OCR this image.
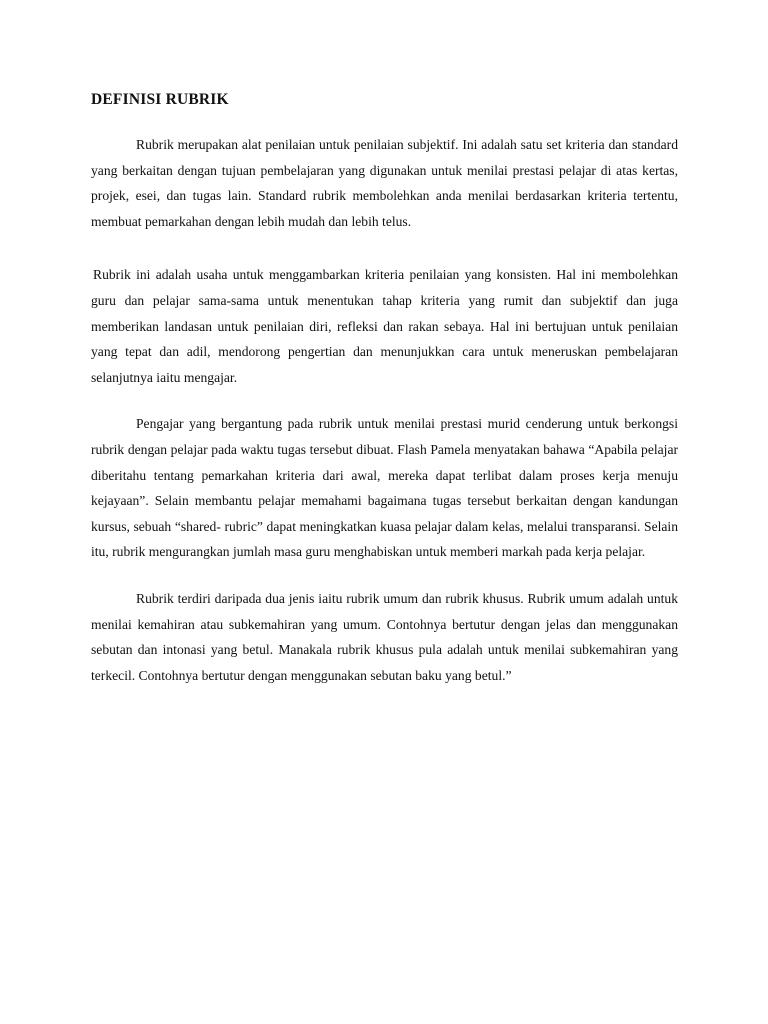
DEFINISI RUBRIK

Rubrik merupakan alat penilaian untuk penilaian subjektif. Ini adalah satu set kriteria dan standard yang berkaitan dengan tujuan pembelajaran yang digunakan untuk menilai prestasi pelajar di atas kertas, projek, esei, dan tugas lain. Standard rubrik membolehkan anda menilai berdasarkan kriteria tertentu, membuat pemarkahan dengan lebih mudah dan lebih telus.

Rubrik ini adalah usaha untuk menggambarkan kriteria penilaian yang konsisten. Hal ini membolehkan guru dan pelajar sama-sama untuk menentukan tahap kriteria yang rumit dan subjektif dan juga memberikan landasan untuk penilaian diri, refleksi dan rakan sebaya. Hal ini bertujuan untuk penilaian yang tepat dan adil, mendorong pengertian dan menunjukkan cara untuk meneruskan pembelajaran selanjutnya iaitu mengajar.

Pengajar yang bergantung pada rubrik untuk menilai prestasi murid cenderung untuk berkongsi rubrik dengan pelajar pada waktu tugas tersebut dibuat. Flash Pamela menyatakan bahawa “Apabila pelajar diberitahu tentang pemarkahan kriteria dari awal, mereka dapat terlibat dalam proses kerja menuju kejayaan”. Selain membantu pelajar memahami bagaimana tugas tersebut berkaitan dengan kandungan kursus, sebuah “shared- rubric” dapat meningkatkan kuasa pelajar dalam kelas, melalui transparansi. Selain itu, rubrik mengurangkan jumlah masa guru menghabiskan untuk memberi markah pada kerja pelajar.

Rubrik terdiri daripada dua jenis iaitu rubrik umum dan rubrik khusus. Rubrik umum adalah untuk menilai kemahiran atau subkemahiran yang umum. Contohnya bertutur dengan jelas dan menggunakan sebutan dan intonasi yang betul. Manakala rubrik khusus pula adalah untuk menilai subkemahiran yang terkecil. Contohnya bertutur dengan menggunakan sebutan baku yang betul.”
